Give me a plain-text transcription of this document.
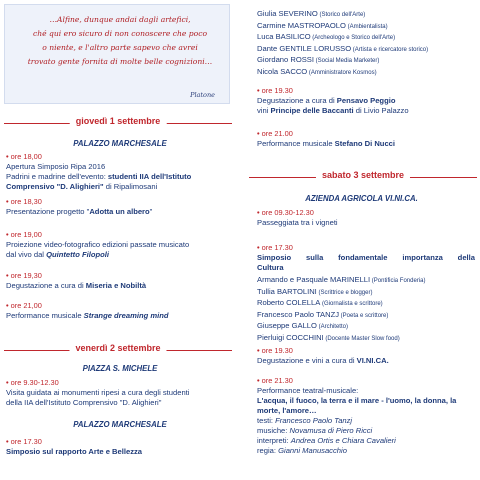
…Alfine, dunque andai dagli artefici,
ché qui ero sicuro di non conoscere che poco
o niente, e l'altro parte sapevo che avrei
trovato gente fornita di molte belle cognizioni…

Platone
giovedì 1 settembre
PALAZZO MARCHESALE
• ore 18,00
Apertura Simposio Ripa 2016
Padrini e madrine dell'evento: studenti IIA dell'Istituto
Comprensivo "D. Alighieri" di Ripalimosani
• ore 18,30
Presentazione progetto "Adotta un albero"
• ore 19,00
Proiezione video-fotografico edizioni passate musicato
dal vivo dal Quintetto Filopoli
• ore 19,30
Degustazione a cura di Miseria e Nobiltà
• ore 21,00
Performance musicale Strange dreaming mind
venerdì 2 settembre
PIAZZA S. MICHELE
• ore 9.30-12.30
Visita guidata ai monumenti ripesi a cura degli studenti
della IIA dell'Istituto Comprensivo "D. Alighieri"
PALAZZO MARCHESALE
• ore 17.30
Simposio sul rapporto Arte e Bellezza
Giulia SEVERINO (Storico dell'Arte)
Carmine MASTROPAOLO (Ambientalista)
Luca BASILICO (Archeologo e Storico dell'Arte)
Dante GENTILE LORUSSO (Artista e ricercatore storico)
Giordano ROSSI (Social Media Marketer)
Nicola SACCO (Amministratore Kosmos)
• ore 19.30
Degustazione a cura di Pensavo Peggio
vini Principe delle Baccanti di Livio Palazzo
• ore 21.00
Performance musicale Stefano Di Nucci
sabato 3 settembre
AZIENDA AGRICOLA VI.NI.CA.
• ore 09.30-12.30
Passeggiata tra i vigneti
• ore 17.30
Simposio sulla fondamentale importanza della
Cultura
Armando e Pasquale MARINELLI (Pontificia Fonderia)
Tullia BARTOLINI (Scrittrice e blogger)
Roberto COLELLA (Giornalista e scrittore)
Francesco Paolo TANZJ (Poeta e scrittore)
Giuseppe GALLO (Architetto)
Pierluigi COCCHINI (Docente Master Slow food)
• ore 19.30
Degustazione e vini a cura di VI.NI.CA.
• ore 21.30
Performance teatral-musicale:
L'acqua, il fuoco, la terra e il mare - l'uomo, la donna, la
morte, l'amore…
testi: Francesco Paolo Tanzj
musiche: Novamusa di Piero Ricci
interpreti: Andrea Ortis e Chiara Cavalieri
regia: Gianni Manusacchio
